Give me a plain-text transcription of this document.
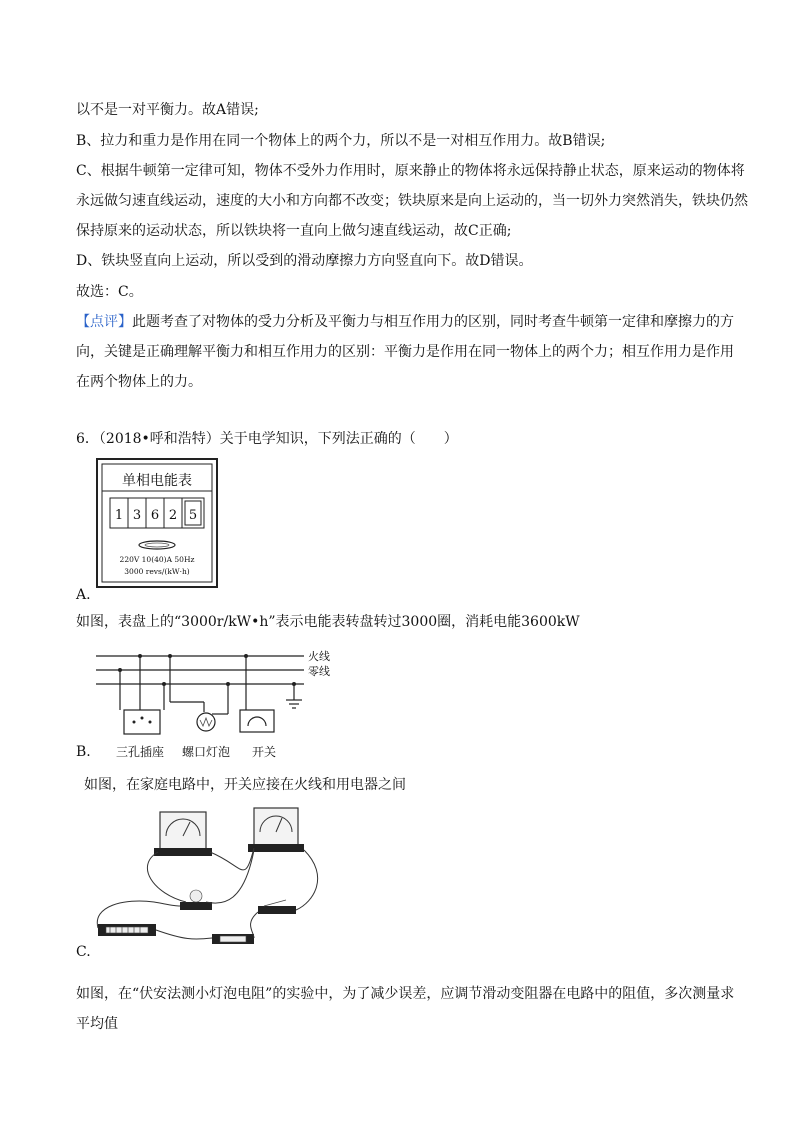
以不是一对平衡力。故A错误;
B、拉力和重力是作用在同一个物体上的两个力，所以不是一对相互作用力。故B错误;
C、根据牛顿第一定律可知，物体不受外力作用时，原来静止的物体将永远保持静止状态，原来运动的物体将
永远做匀速直线运动，速度的大小和方向都不改变；铁块原来是向上运动的，当一切外力突然消失，铁块仍然
保持原来的运动状态，所以铁块将一直向上做匀速直线运动，故C正确;
D、铁块竖直向上运动，所以受到的滑动摩擦力方向竖直向下。故D错误。
故选：C。
【点评】此题考查了对物体的受力分析及平衡力与相互作用力的区别，同时考查牛顿第一定律和摩擦力的方
向，关键是正确理解平衡力和相互作用力的区别：平衡力是作用在同一物体上的两个力；相互作用力是作用
在两个物体上的力。
6．（2018•呼和浩特）关于电学知识，下列法正确的（　　）
单相电能表
1 3 6 2 5
220V 10(40)A 50Hz
3000 revs/(kW·h)
A.
如图，表盘上的“3000r/kW•h”表示电能表转盘转过3000圈，消耗电能3600kW
火线
零线
三孔插座 螺口灯泡 开关
B.
如图，在家庭电路中，开关应接在火线和用电器之间
C.
如图，在“伏安法测小灯泡电阻”的实验中，为了减少误差，应调节滑动变阻器在电路中的阻值，多次测量求
平均值
